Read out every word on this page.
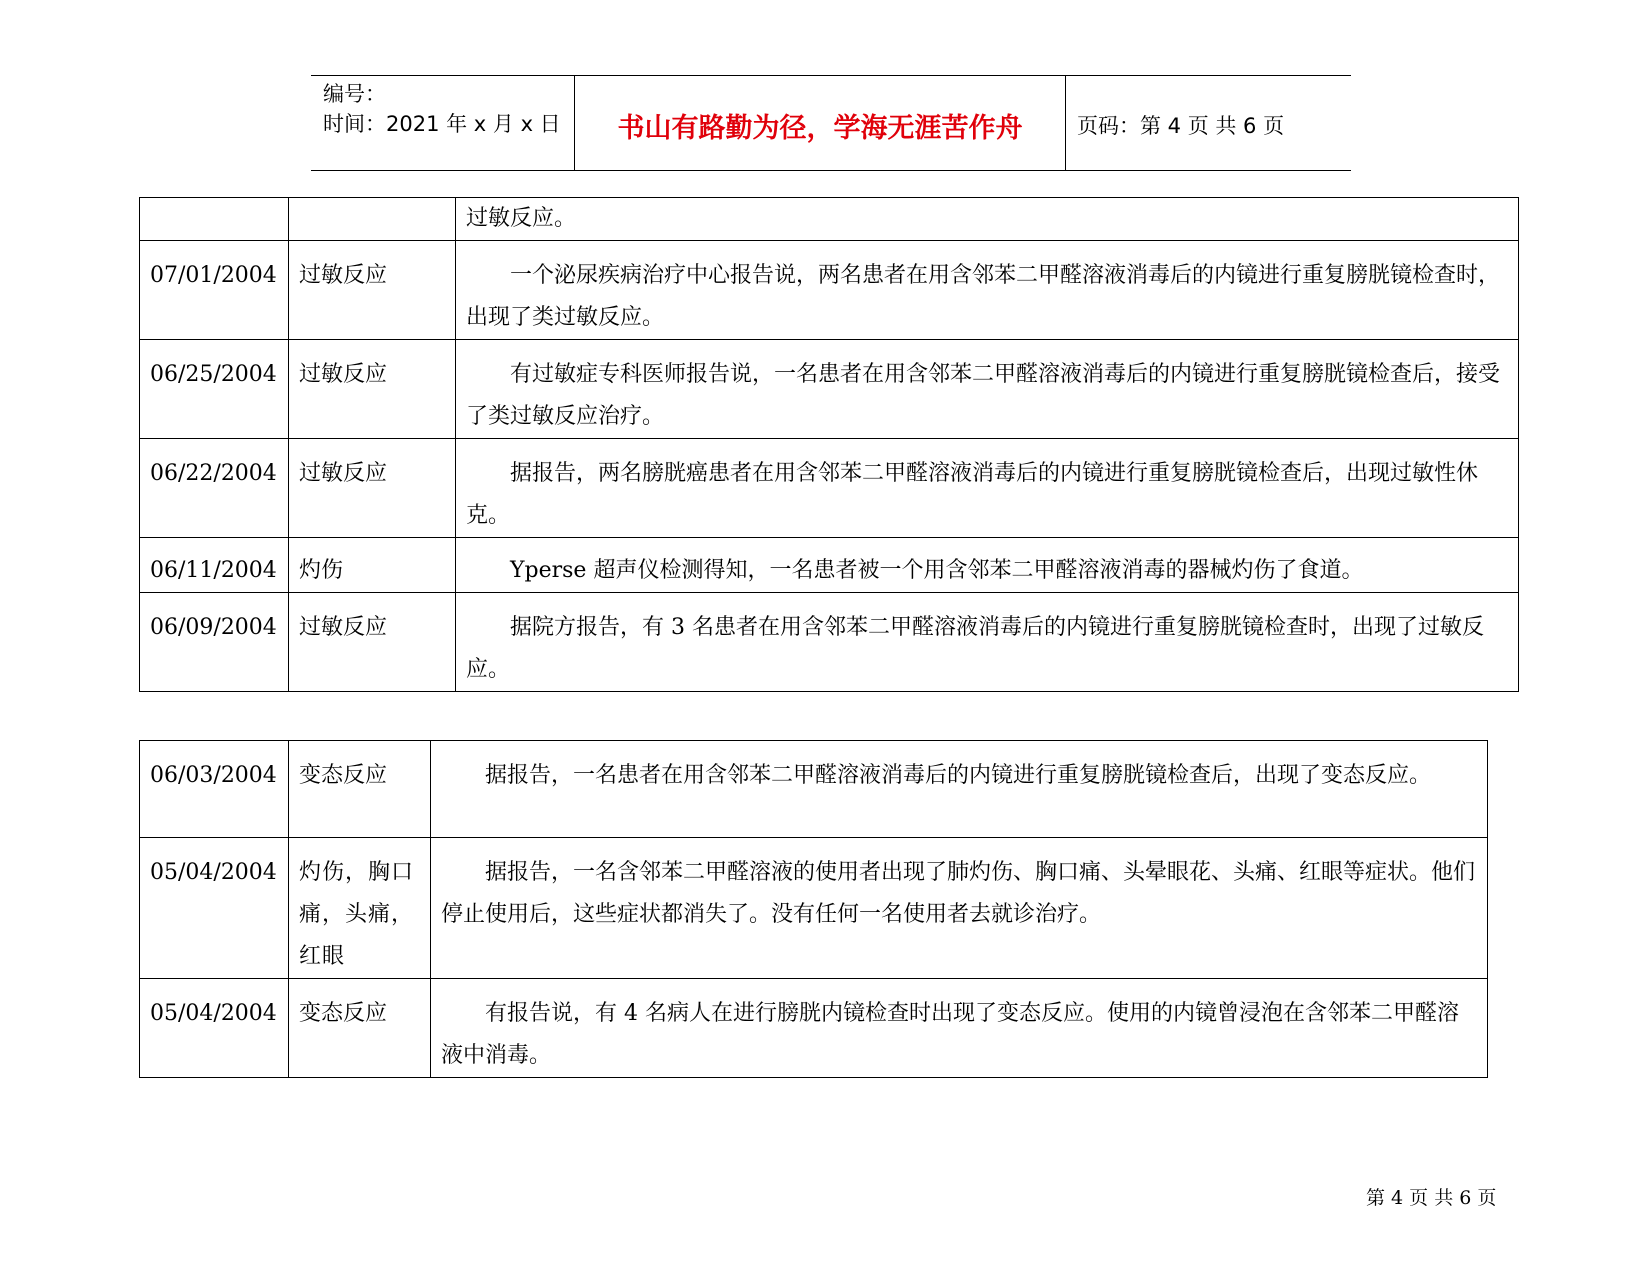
编号：
时间：2021 年 x 月 x 日	书山有路勤为径，学海无涯苦作舟	页码：第 4 页 共 6 页

		过敏反应。

07/01/2004	过敏反应	一个泌尿疾病治疗中心报告说，两名患者在用含邻苯二甲醛溶液消毒后的内镜进行重复膀胱镜检查时，出现了类过敏反应。

06/25/2004	过敏反应	有过敏症专科医师报告说，一名患者在用含邻苯二甲醛溶液消毒后的内镜进行重复膀胱镜检查后，接受了类过敏反应治疗。

06/22/2004	过敏反应	据报告，两名膀胱癌患者在用含邻苯二甲醛溶液消毒后的内镜进行重复膀胱镜检查后，出现过敏性休克。

06/11/2004	灼伤	Yperse 超声仪检测得知，一名患者被一个用含邻苯二甲醛溶液消毒的器械灼伤了食道。

06/09/2004	过敏反应	据院方报告，有 3 名患者在用含邻苯二甲醛溶液消毒后的内镜进行重复膀胱镜检查时，出现了过敏反应。
06/03/2004	变态反应	据报告，一名患者在用含邻苯二甲醛溶液消毒后的内镜进行重复膀胱镜检查后，出现了变态反应。

05/04/2004	灼伤，胸口痛，头痛，红眼	据报告，一名含邻苯二甲醛溶液的使用者出现了肺灼伤、胸口痛、头晕眼花、头痛、红眼等症状。他们停止使用后，这些症状都消失了。没有任何一名使用者去就诊治疗。

05/04/2004	变态反应	有报告说，有 4 名病人在进行膀胱内镜检查时出现了变态反应。使用的内镜曾浸泡在含邻苯二甲醛溶液中消毒。
第 4 页 共 6 页
